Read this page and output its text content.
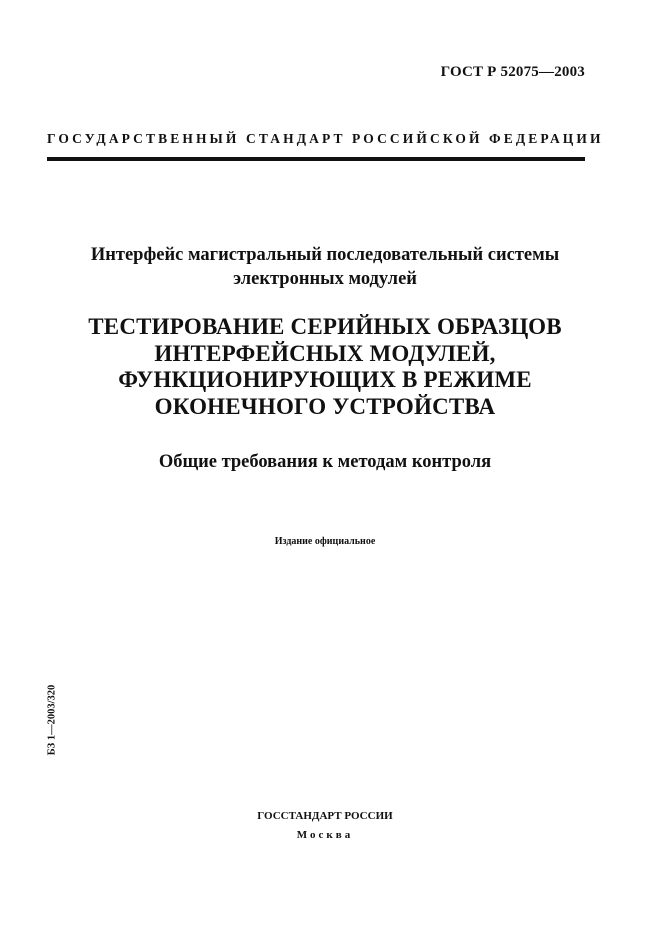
ГОСТ Р 52075—2003
ГОСУДАРСТВЕННЫЙ СТАНДАРТ РОССИЙСКОЙ ФЕДЕРАЦИИ
Интерфейс магистральный последовательный системы
электронных модулей
ТЕСТИРОВАНИЕ СЕРИЙНЫХ ОБРАЗЦОВ
ИНТЕРФЕЙСНЫХ МОДУЛЕЙ,
ФУНКЦИОНИРУЮЩИХ В РЕЖИМЕ
ОКОНЕЧНОГО УСТРОЙСТВА
Общие требования к методам контроля
Издание официальное
БЗ 1—2003/320
ГОССТАНДАРТ РОССИИ
Москва
